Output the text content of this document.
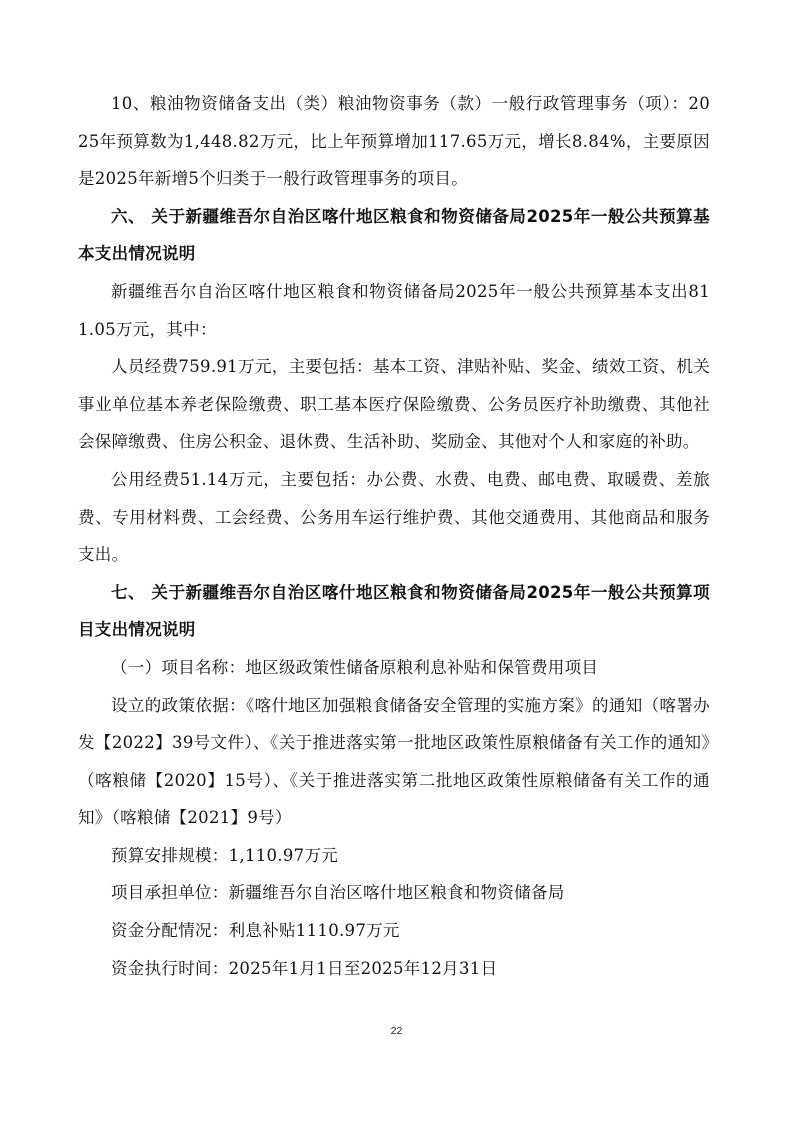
10、粮油物资储备支出（类）粮油物资事务（款）一般行政管理事务（项）：2025年预算数为1,448.82万元，比上年预算增加117.65万元，增长8.84%，主要原因是2025年新增5个归类于一般行政管理事务的项目。

六、 关于新疆维吾尔自治区喀什地区粮食和物资储备局2025年一般公共预算基本支出情况说明

新疆维吾尔自治区喀什地区粮食和物资储备局2025年一般公共预算基本支出811.05万元，其中：

人员经费759.91万元，主要包括：基本工资、津贴补贴、奖金、绩效工资、机关事业单位基本养老保险缴费、职工基本医疗保险缴费、公务员医疗补助缴费、其他社会保障缴费、住房公积金、退休费、生活补助、奖励金、其他对个人和家庭的补助。

公用经费51.14万元，主要包括：办公费、水费、电费、邮电费、取暖费、差旅费、专用材料费、工会经费、公务用车运行维护费、其他交通费用、其他商品和服务支出。

七、 关于新疆维吾尔自治区喀什地区粮食和物资储备局2025年一般公共预算项目支出情况说明

（一）项目名称：地区级政策性储备原粮利息补贴和保管费用项目

设立的政策依据：《喀什地区加强粮食储备安全管理的实施方案》的通知（喀署办发【2022】39号文件）、《关于推进落实第一批地区政策性原粮储备有关工作的通知》（喀粮储【2020】15号）、《关于推进落实第二批地区政策性原粮储备有关工作的通知》（喀粮储【2021】9号）

预算安排规模：1,110.97万元

项目承担单位：新疆维吾尔自治区喀什地区粮食和物资储备局

资金分配情况：利息补贴1110.97万元

资金执行时间：2025年1月1日至2025年12月31日

22
